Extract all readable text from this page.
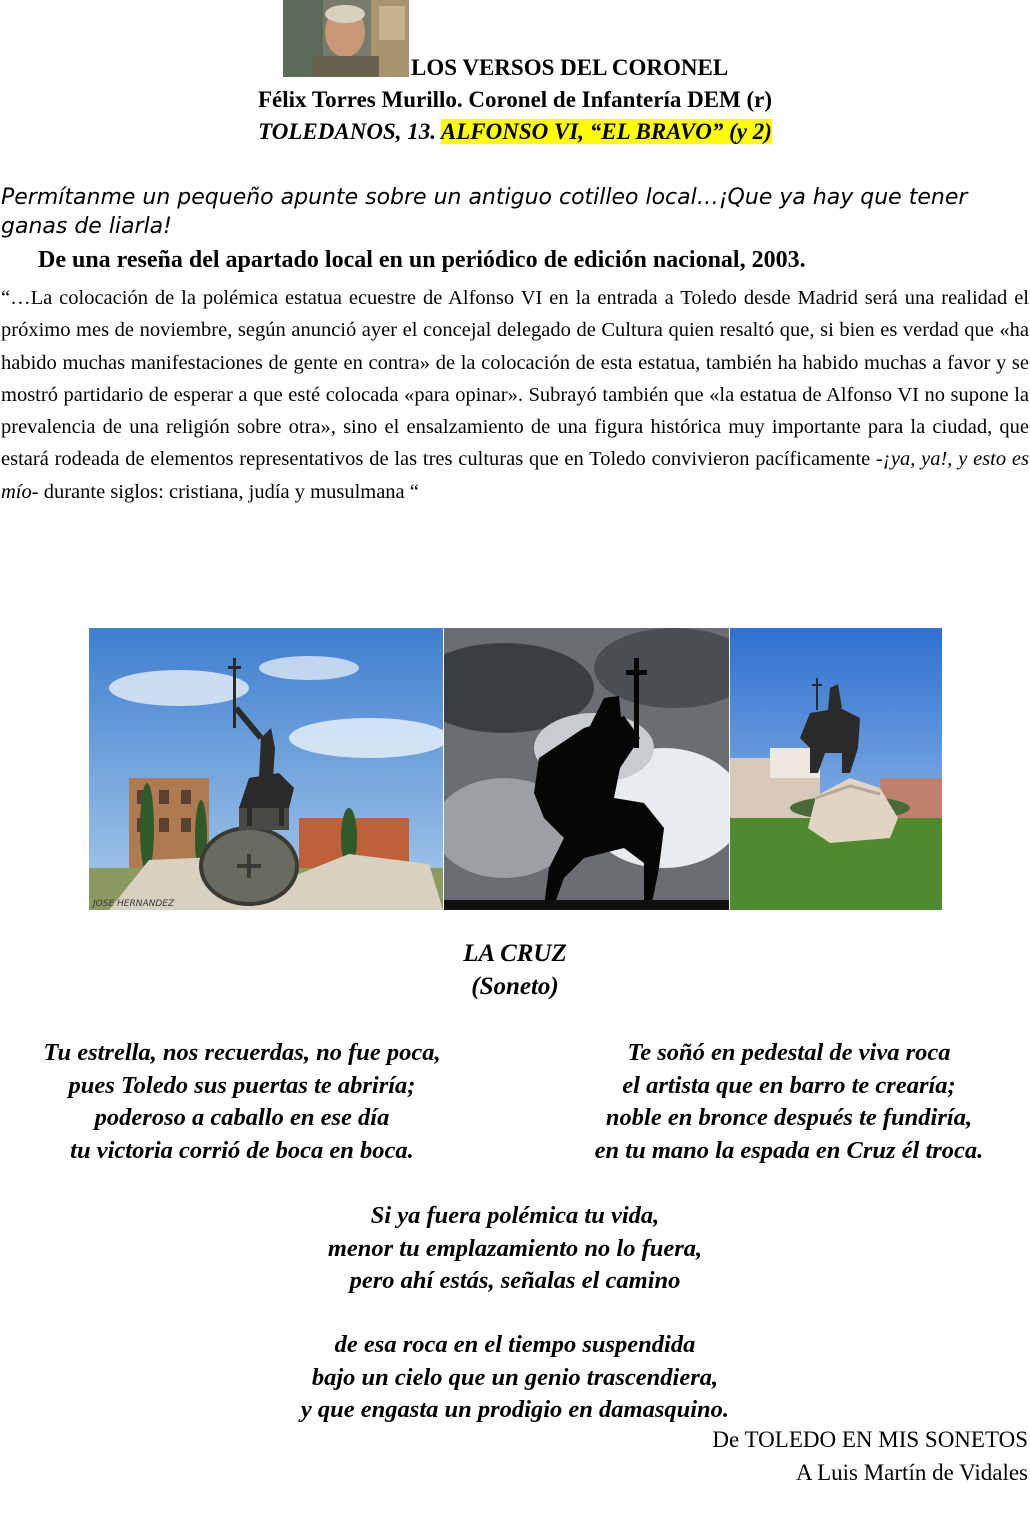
LOS VERSOS DEL CORONEL
Félix Torres Murillo. Coronel de Infantería DEM (r)
TOLEDANOS, 13. ALFONSO VI, “EL BRAVO” (y 2)
Permítanme un pequeño apunte sobre un antiguo cotilleo local…¡Que ya hay que tener ganas de liarla!
De una reseña del apartado local en un periódico de edición nacional, 2003.
“…La colocación de la polémica estatua ecuestre de Alfonso VI en la entrada a Toledo desde Madrid será una realidad el próximo mes de noviembre, según anunció ayer el concejal delegado de Cultura quien resaltó que, si bien es verdad que «ha habido muchas manifestaciones de gente en contra» de la colocación de esta estatua, también ha habido muchas a favor y se mostró partidario de esperar a que esté colocada «para opinar». Subrayó también que «la estatua de Alfonso VI no supone la prevalencia de una religión sobre otra», sino el ensalzamiento de una figura histórica muy importante para la ciudad, que estará rodeada de elementos representativos de las tres culturas que en Toledo convivieron pacíficamente -¡ya, ya!, y esto es mío- durante siglos: cristiana, judía y musulmana “
JOSE HERNANDEZ
LA CRUZ
(Soneto)
Tu estrella, nos recuerdas, no fue poca,
pues Toledo sus puertas te abriría;
poderoso a caballo en ese día
tu victoria corrió de boca en boca.
Te soñó en pedestal de viva roca
el artista que en barro te crearía;
noble en bronce después te fundiría,
en tu mano la espada en Cruz él troca.
Si ya fuera polémica tu vida,
menor tu emplazamiento no lo fuera,
pero ahí estás, señalas el camino
de esa roca en el tiempo suspendida
bajo un cielo que un genio trascendiera,
y que engasta un prodigio en damasquino.
De TOLEDO EN MIS SONETOS
A Luis Martín de Vidales
